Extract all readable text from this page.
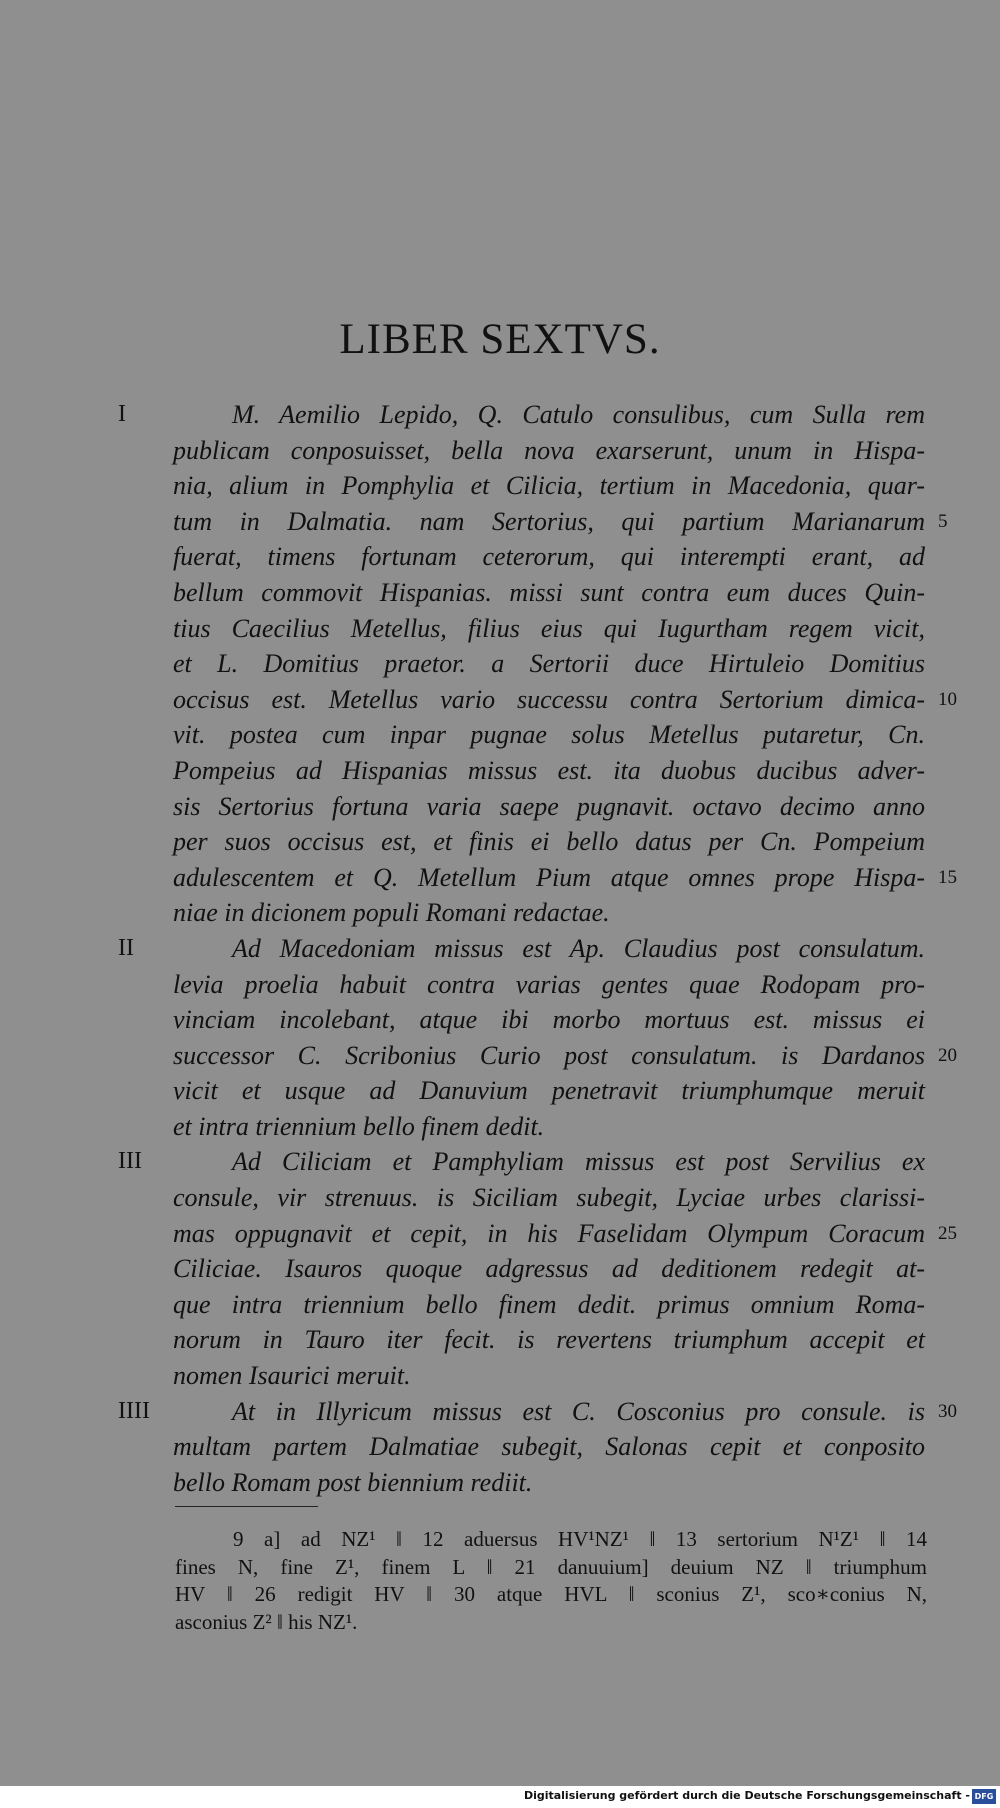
LIBER SEXTVS.
I	M. Aemilio Lepido, Q. Catulo consulibus, cum Sulla rem
publicam conposuisset, bella nova exarserunt, unum in Hispa-
nia, alium in Pomphylia et Cilicia, tertium in Macedonia, quar-
tum in Dalmatia. nam Sertorius, qui partium Marianarum 5
fuerat, timens fortunam ceterorum, qui interempti erant, ad
bellum commovit Hispanias. missi sunt contra eum duces Quin-
tius Caecilius Metellus, filius eius qui Iugurtham regem vicit,
et L. Domitius praetor. a Sertorii duce Hirtuleio Domitius
occisus est. Metellus vario successu contra Sertorium dimica- 10
vit. postea cum inpar pugnae solus Metellus putaretur, Cn.
Pompeius ad Hispanias missus est. ita duobus ducibus adver-
sis Sertorius fortuna varia saepe pugnavit. octavo decimo anno
per suos occisus est, et finis ei bello datus per Cn. Pompeium
adulescentem et Q. Metellum Pium atque omnes prope Hispa- 15
niae in dicionem populi Romani redactae.
II	Ad Macedoniam missus est Ap. Claudius post consulatum.
levia proelia habuit contra varias gentes quae Rodopam pro-
vinciam incolebant, atque ibi morbo mortuus est. missus ei
successor C. Scribonius Curio post consulatum. is Dardanos 20
vicit et usque ad Danuvium penetravit triumphumque meruit
et intra triennium bello finem dedit.
III	Ad Ciliciam et Pamphyliam missus est post Servilius ex
consule, vir strenuus. is Siciliam subegit, Lyciae urbes clarissi-
mas oppugnavit et cepit, in his Faselidam Olympum Coracum 25
Ciliciae. Isauros quoque adgressus ad deditionem redegit at-
que intra triennium bello finem dedit. primus omnium Roma-
norum in Tauro iter fecit. is revertens triumphum accepit et
nomen Isaurici meruit.
IIII	At in Illyricum missus est C. Cosconius pro consule. is 30
multam partem Dalmatiae subegit, Salonas cepit et conposito
bello Romam post biennium rediit.
9 a] ad NZ¹ ‖ 12 aduersus HV¹NZ¹ ‖ 13 sertorium N¹Z¹ ‖ 14
fines N, fine Z¹, finem L ‖ 21 danuuium] deuium NZ ‖ triumphum
HV ‖ 26 redigit HV ‖ 30 atque HVL ‖ sconius Z¹, sco∗conius N,
asconius Z² ‖ his NZ¹.
Digitalisierung gefördert durch die Deutsche Forschungsgemeinschaft - DFG
